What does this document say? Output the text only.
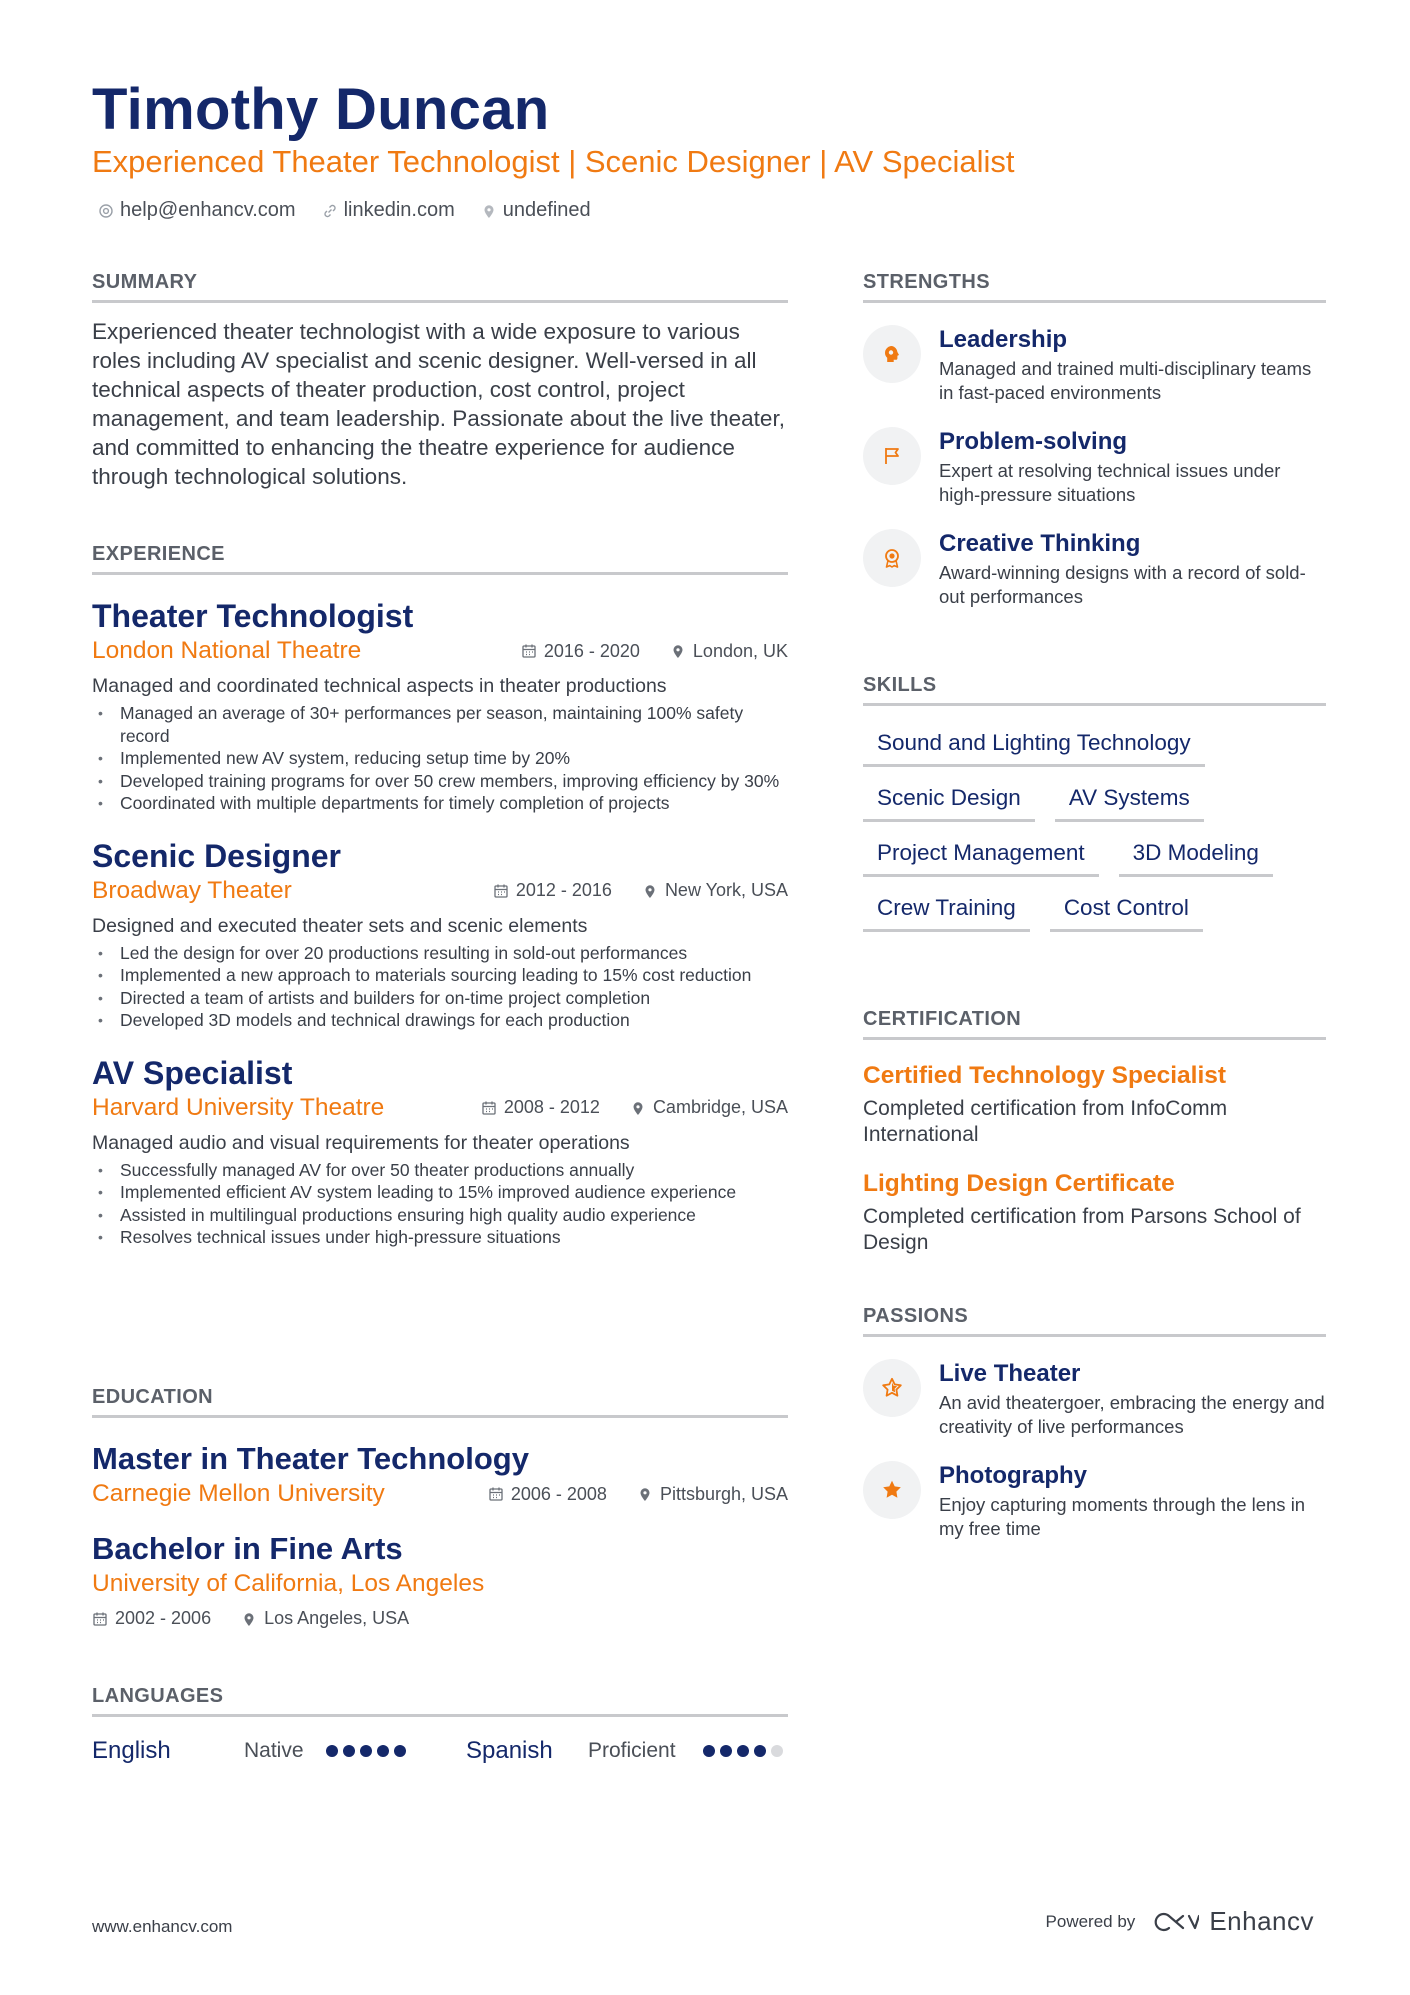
Timothy Duncan

Experienced Theater Technologist | Scenic Designer | AV Specialist

help@enhancv.com linkedin.com undefined
SUMMARY

Experienced theater technologist with a wide exposure to various roles including AV specialist and scenic designer. Well-versed in all technical aspects of theater production, cost control, project management, and team leadership. Passionate about the live theater, and committed to enhancing the theatre experience for audience through technological solutions.

EXPERIENCE
Theater Technologist
London National Theatre	2016 - 2020	London, UK

Managed and coordinated technical aspects in theater productions

• Managed an average of 30+ performances per season, maintaining 100% safety record
• Implemented new AV system, reducing setup time by 20%
• Developed training programs for over 50 crew members, improving efficiency by 30%
• Coordinated with multiple departments for timely completion of projects
Scenic Designer
Broadway Theater	2012 - 2016	New York, USA

Designed and executed theater sets and scenic elements

• Led the design for over 20 productions resulting in sold-out performances
• Implemented a new approach to materials sourcing leading to 15% cost reduction
• Directed a team of artists and builders for on-time project completion
• Developed 3D models and technical drawings for each production
AV Specialist
Harvard University Theatre	2008 - 2012	Cambridge, USA

Managed audio and visual requirements for theater operations

• Successfully managed AV for over 50 theater productions annually
• Implemented efficient AV system leading to 15% improved audience experience
• Assisted in multilingual productions ensuring high quality audio experience
• Resolves technical issues under high-pressure situations
EDUCATION
Master in Theater Technology
Carnegie Mellon University	2006 - 2008	Pittsburgh, USA
Bachelor in Fine Arts
University of California, Los Angeles
2002 - 2006	Los Angeles, USA
LANGUAGES
English	Native	Spanish	Proficient
STRENGTHS
Leadership

Managed and trained multi-disciplinary teams in fast-paced environments

Problem-solving

Expert at resolving technical issues under high-pressure situations

Creative Thinking

Award-winning designs with a record of sold-out performances

SKILLS
Sound and Lighting Technology
Scenic Design	AV Systems
Project Management	3D Modeling
Crew Training	Cost Control
CERTIFICATION
Certified Technology Specialist

Completed certification from InfoComm International

Lighting Design Certificate

Completed certification from Parsons School of Design

PASSIONS
Live Theater

An avid theatergoer, embracing the energy and creativity of live performances

Photography

Enjoy capturing moments through the lens in my free time

www.enhancv.com	Powered by	Enhancv
